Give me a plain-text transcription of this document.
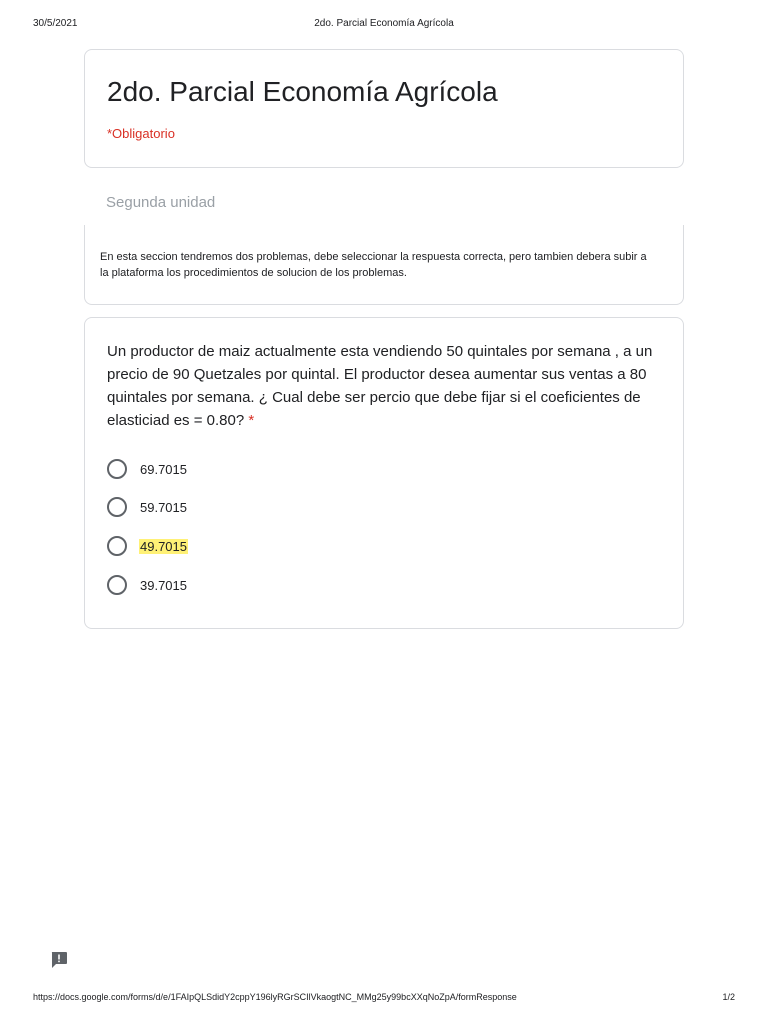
30/5/2021	2do. Parcial Economía Agrícola
2do. Parcial Economía Agrícola
*Obligatorio
Segunda unidad
En esta seccion tendremos dos problemas, debe seleccionar la respuesta correcta, pero tambien debera subir a la plataforma los procedimientos de solucion de los problemas.
Un productor de maiz actualmente esta vendiendo 50 quintales por semana , a un precio de 90 Quetzales por quintal. El productor desea aumentar sus ventas a 80 quintales por semana. ¿ Cual debe ser percio que debe fijar si el coeficientes de elasticiad es = 0.80? *
69.7015
59.7015
49.7015
39.7015
https://docs.google.com/forms/d/e/1FAIpQLSdidY2cppY196lyRGrSCIlVkaogtNC_MMg25y99bcXXqNoZpA/formResponse	1/2
